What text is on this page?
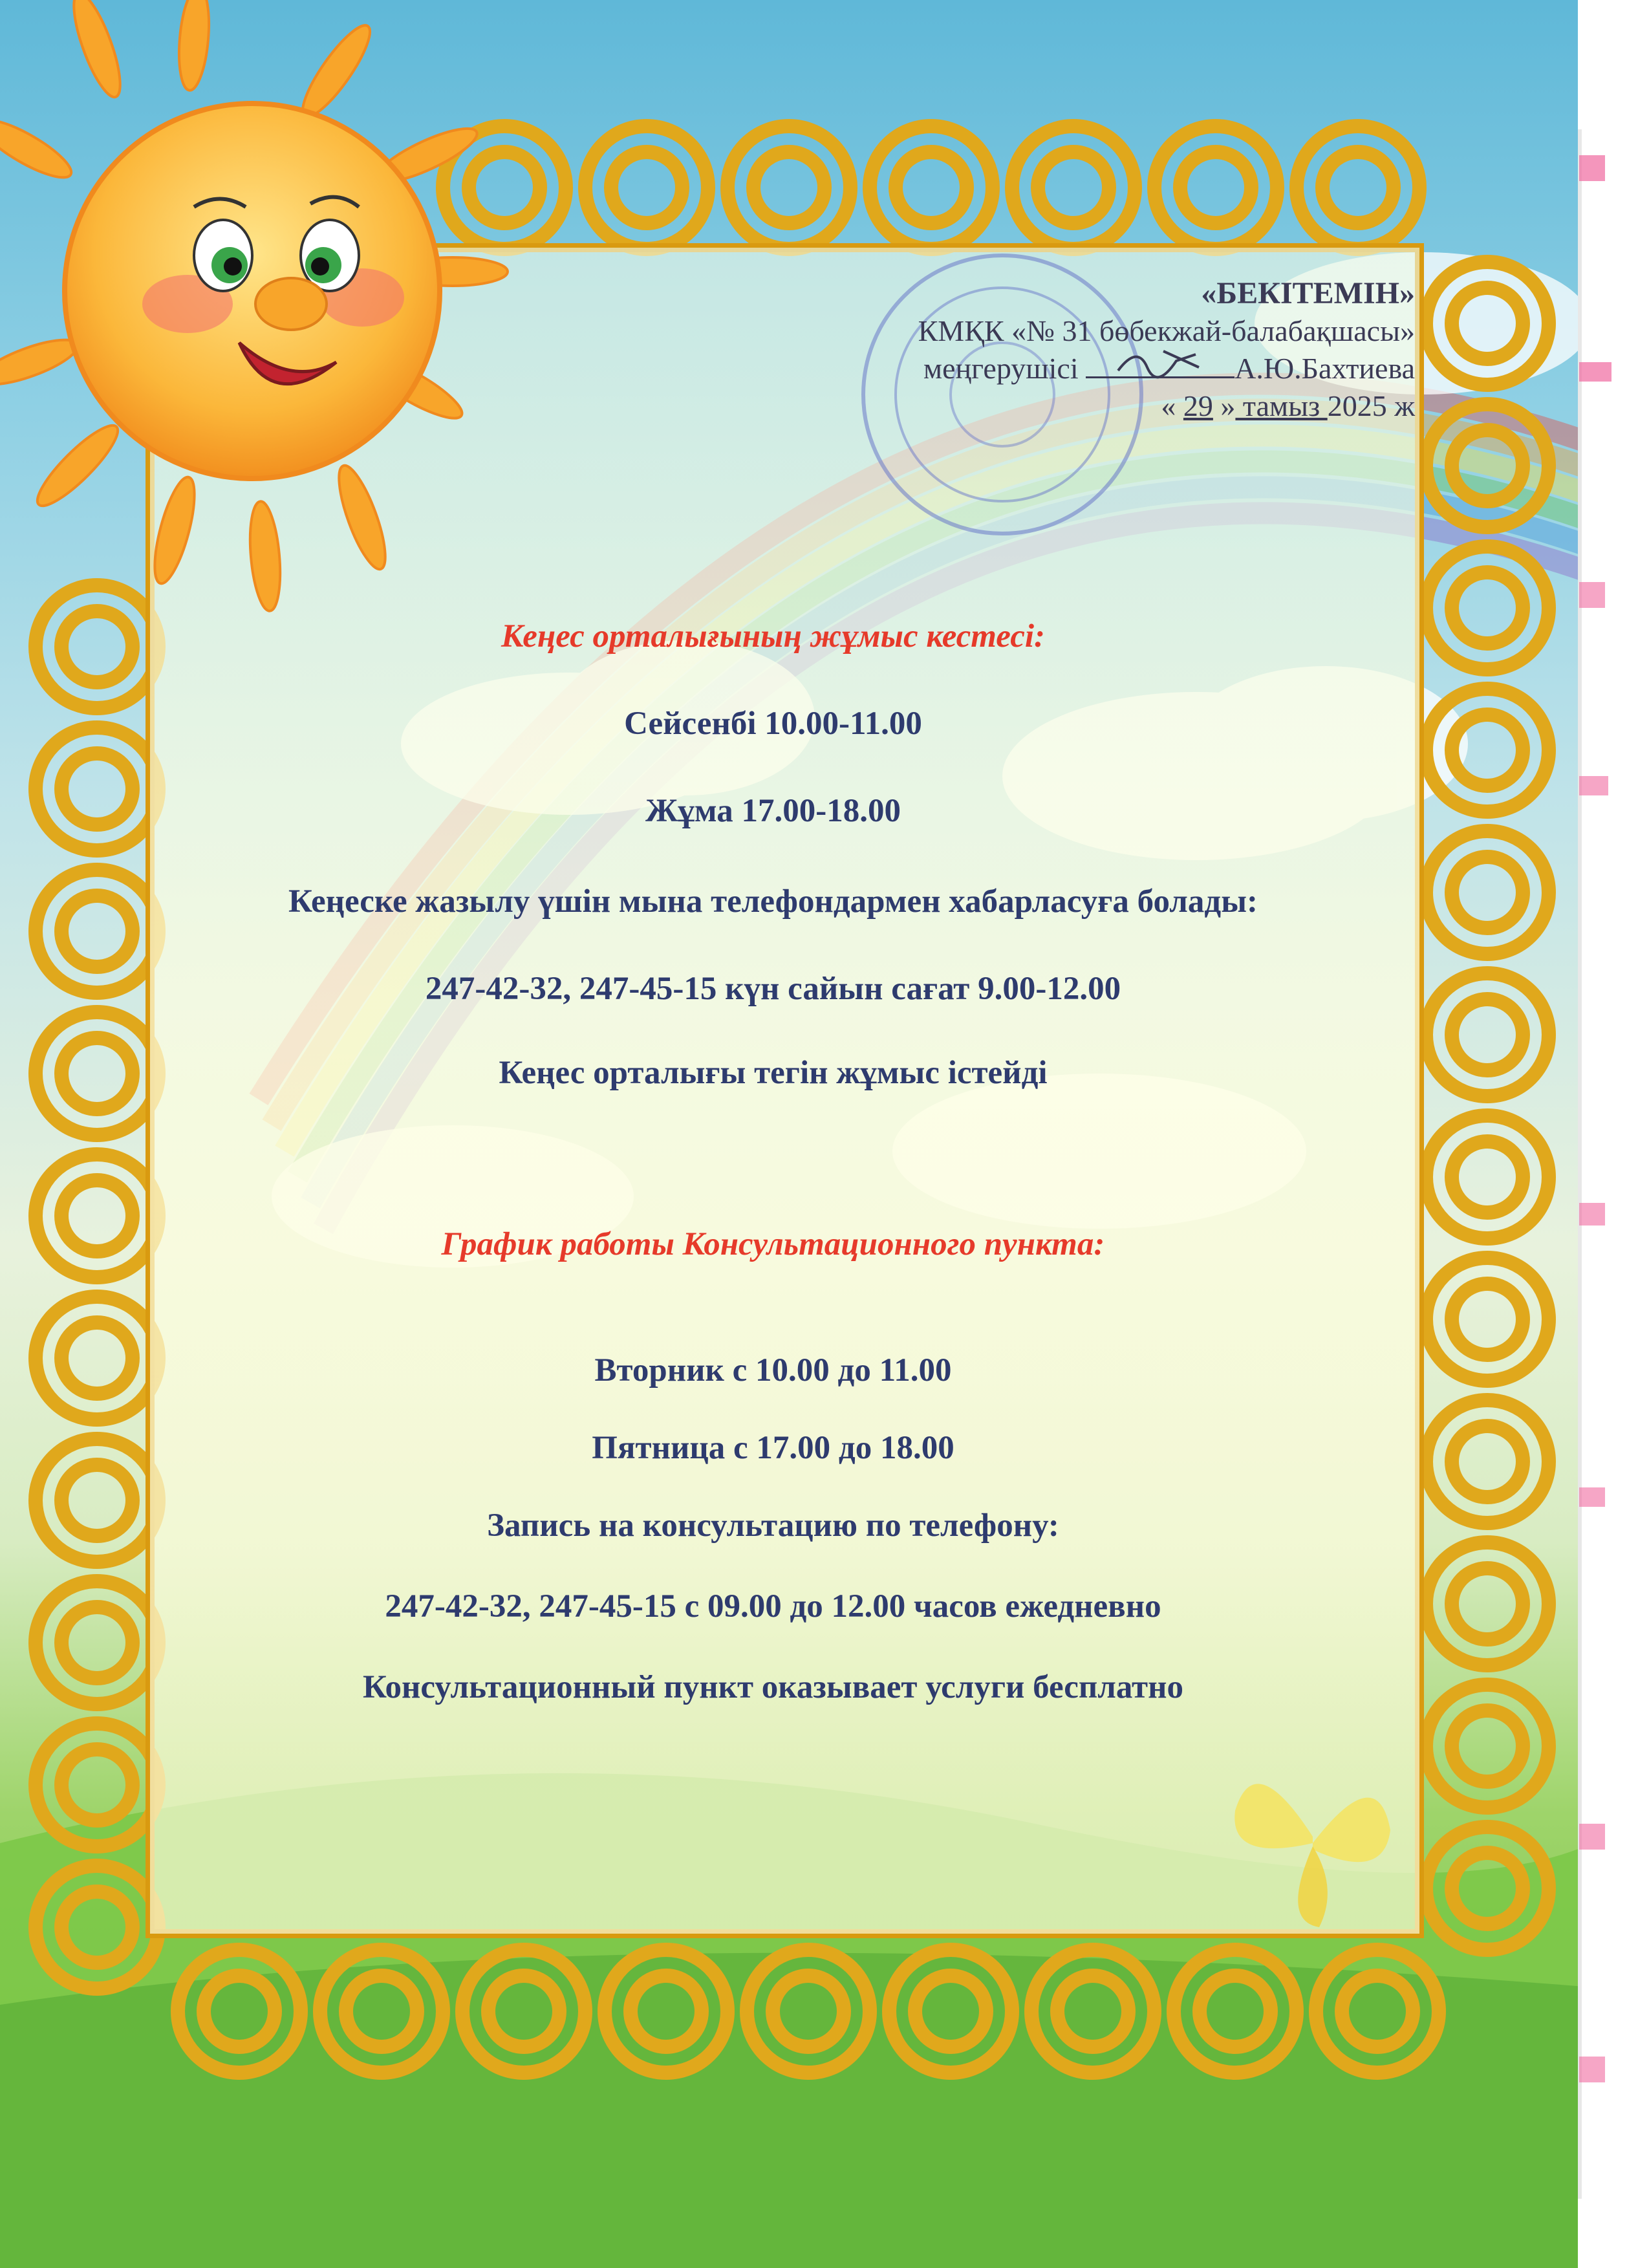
«БЕКІТЕМІН»
КМҚК «№ 31 бөбекжай-балабақшасы»
меңгерушісі	А.Ю.Бахтиева
« 29 » тамыз 2025 ж
Кеңес орталығының жұмыс кестесі:
Сейсенбі 10.00-11.00
Жұма 17.00-18.00
Кеңеске жазылу үшін мына телефондармен хабарласуға болады:
247-42-32, 247-45-15 күн сайын сағат 9.00-12.00
Кеңес орталығы тегін жұмыс істейді
График работы Консультационного пункта:
Вторник с 10.00 до 11.00
Пятница с 17.00 до 18.00
Запись на консультацию по телефону:
247-42-32, 247-45-15 с 09.00 до 12.00 часов ежедневно
Консультационный пункт оказывает услуги бесплатно
